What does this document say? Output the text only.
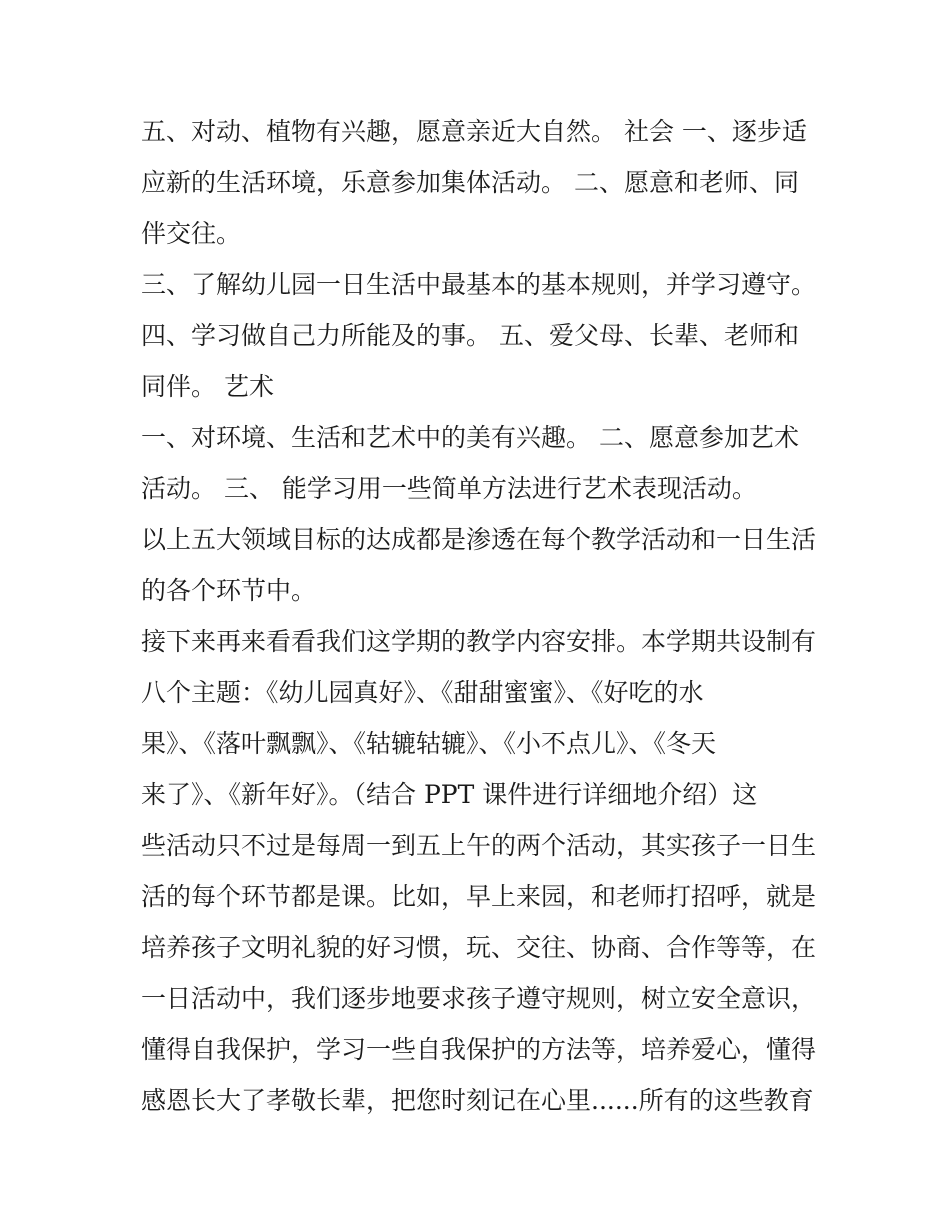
五、对动、植物有兴趣，愿意亲近大自然。 社会 一、逐步适
应新的生活环境，乐意参加集体活动。 二、愿意和老师、同
伴交往。
三、了解幼儿园一日生活中最基本的基本规则，并学习遵守。
四、学习做自己力所能及的事。 五、爱父母、长辈、老师和
同伴。 艺术
一、对环境、生活和艺术中的美有兴趣。 二、愿意参加艺术
活动。 三、 能学习用一些简单方法进行艺术表现活动。
以上五大领域目标的达成都是渗透在每个教学活动和一日生活
的各个环节中。
接下来再来看看我们这学期的教学内容安排。本学期共设制有
八个主题：《幼儿园真好》、《甜甜蜜蜜》、《好吃的水
果》、《落叶飘飘》、《轱辘轱辘》、《小不点儿》、《冬天
来了》、《新年好》。（结合 PPT 课件进行详细地介绍）这
些活动只不过是每周一到五上午的两个活动，其实孩子一日生
活的每个环节都是课。比如，早上来园，和老师打招呼，就是
培养孩子文明礼貌的好习惯，玩、交往、协商、合作等等，在
一日活动中，我们逐步地要求孩子遵守规则，树立安全意识，
懂得自我保护，学习一些自我保护的方法等，培养爱心，懂得
感恩长大了孝敬长辈，把您时刻记在心里......所有的这些教育
